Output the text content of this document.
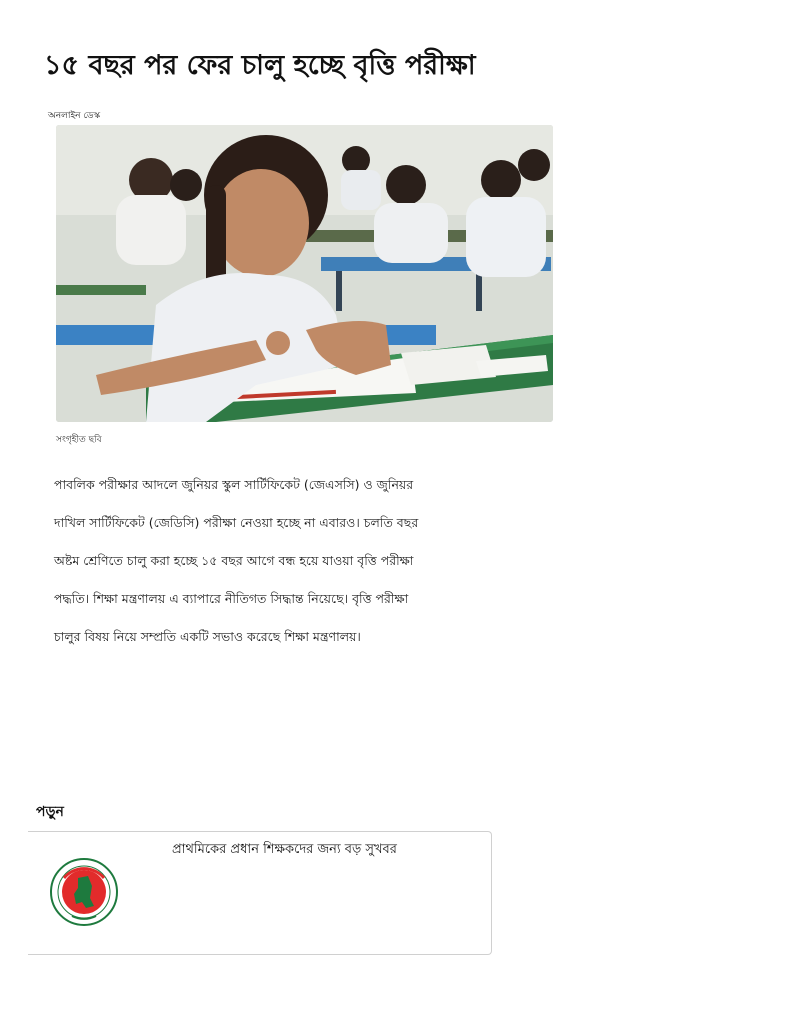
১৫ বছর পর ফের চালু হচ্ছে বৃত্তি পরীক্ষা
অনলাইন ডেস্ক
সংগৃহীত ছবি

পাবলিক পরীক্ষার আদলে জুনিয়র স্কুল সার্টিফিকেট (জেএসসি) ও জুনিয়র দাখিল সার্টিফিকেট (জেডিসি) পরীক্ষা নেওয়া হচ্ছে না এবারও। চলতি বছর অষ্টম শ্রেণিতে চালু করা হচ্ছে ১৫ বছর আগে বন্ধ হয়ে যাওয়া বৃত্তি পরীক্ষা পদ্ধতি। শিক্ষা মন্ত্রণালয় এ ব্যাপারে নীতিগত সিদ্ধান্ত নিয়েছে। বৃত্তি পরীক্ষা চালুর বিষয় নিয়ে সম্প্রতি একটি সভাও করেছে শিক্ষা মন্ত্রণালয়।

পড়ুন
প্রাথমিকের প্রধান শিক্ষকদের জন্য বড় সুখবর
